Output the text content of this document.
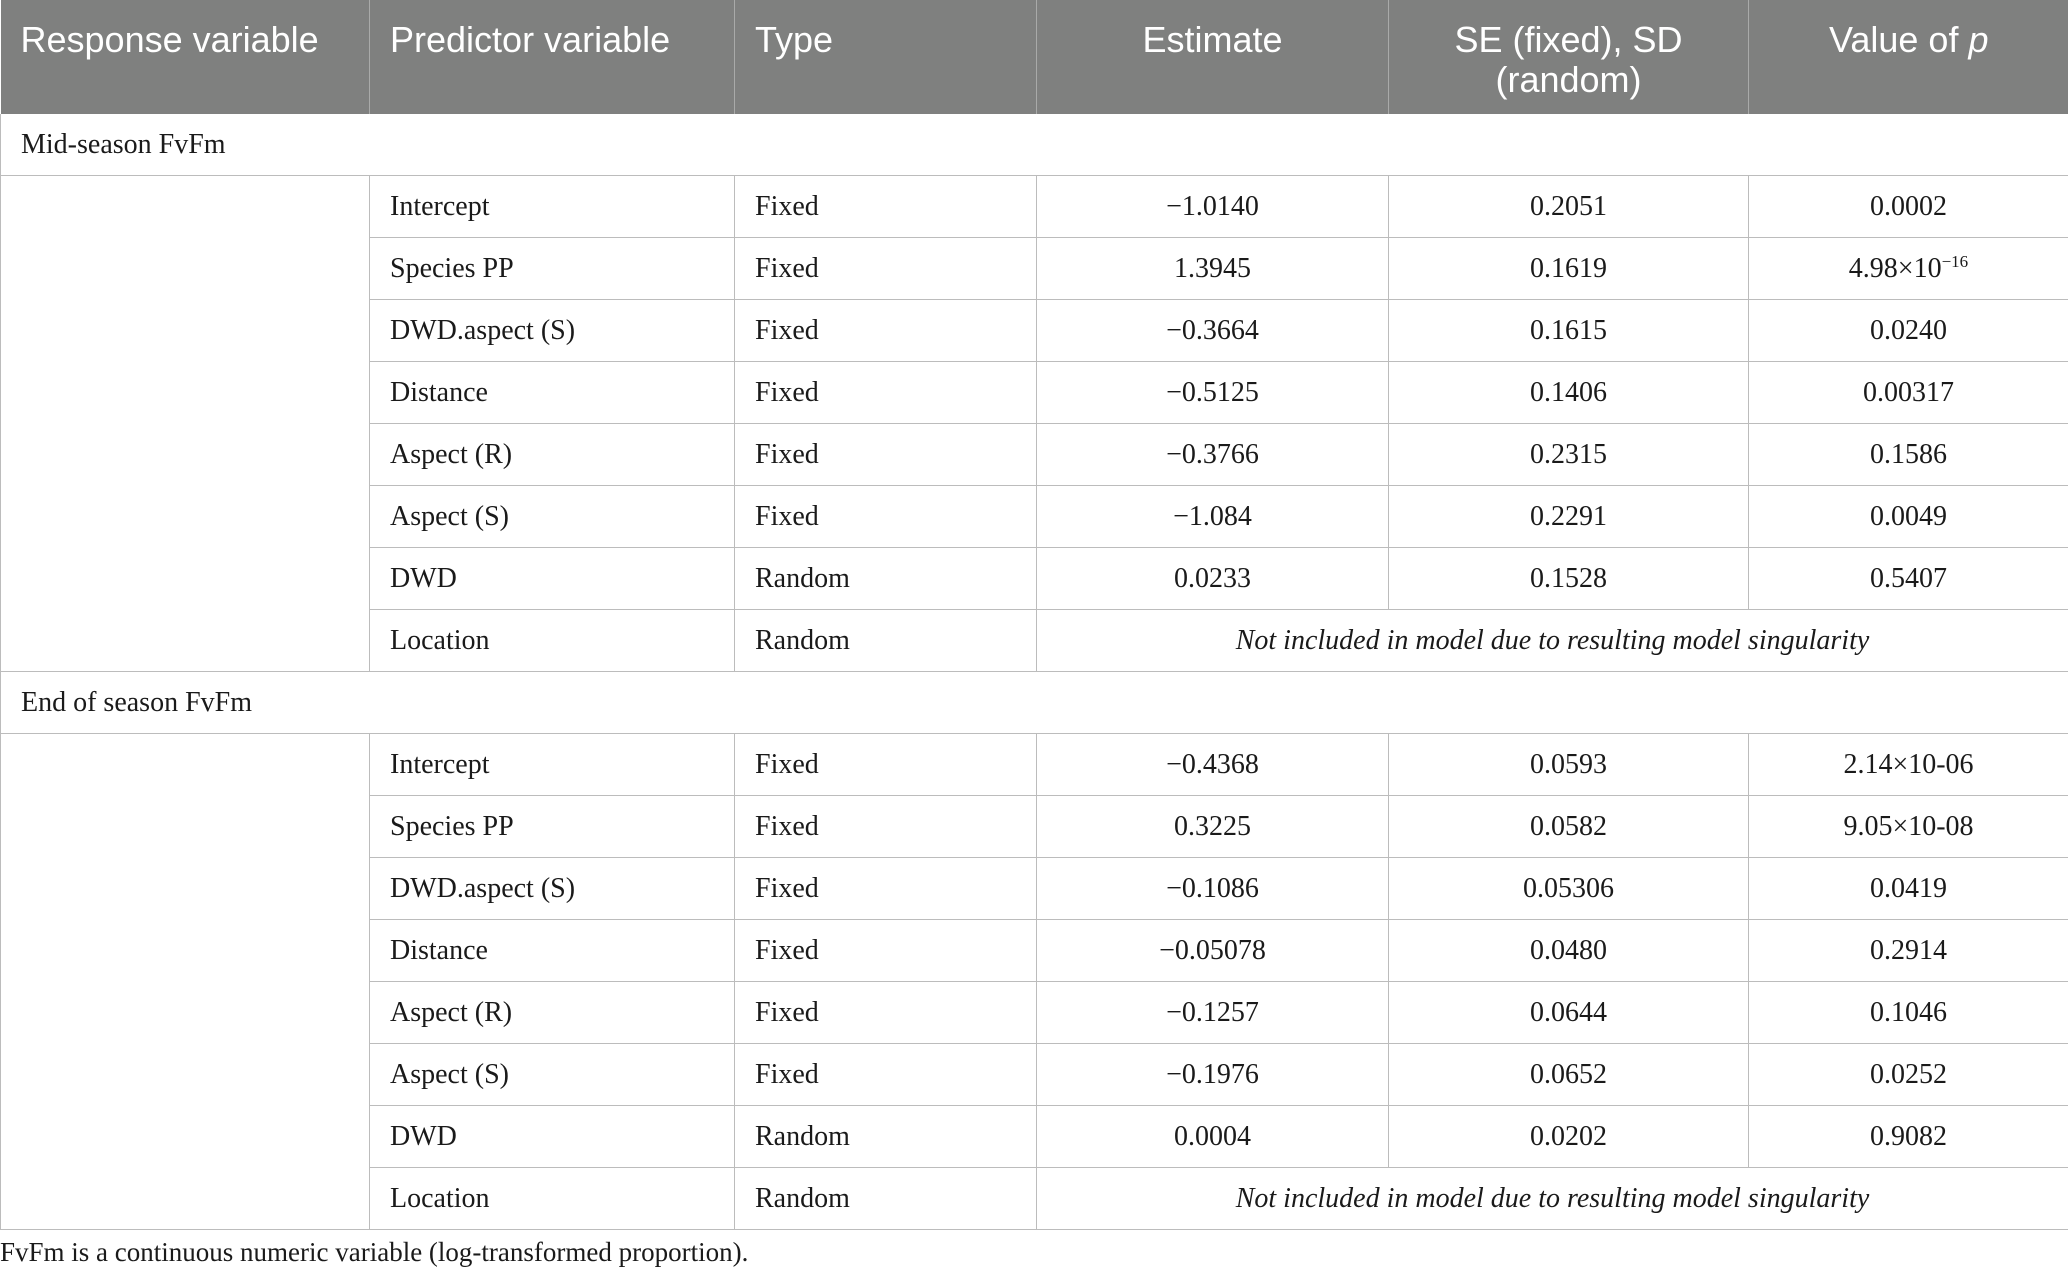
Response variable	Predictor variable	Type	Estimate	SE (fixed), SD (random)	Value of p
Mid-season FvFm					
	Intercept	Fixed	−1.0140	0.2051	0.0002
	Species PP	Fixed	1.3945	0.1619	$4.98\times 10^{-16}$
	DWD.aspect (S)	Fixed	−0.3664	0.1615	0.0240
	Distance	Fixed	−0.5125	0.1406	0.00317
	Aspect (R)	Fixed	−0.3766	0.2315	0.1586
	Aspect (S)	Fixed	−1.084	0.2291	0.0049
	DWD	Random	0.0233	0.1528	0.5407
	Location	Random	Not included in model due to resulting model singularity		
End of season FvFm					
	Intercept	Fixed	−0.4368	0.0593	2.14×10-06
	Species PP	Fixed	0.3225	0.0582	9.05×10-08
	DWD.aspect (S)	Fixed	−0.1086	0.05306	0.0419
	Distance	Fixed	−0.05078	0.0480	0.2914
	Aspect (R)	Fixed	−0.1257	0.0644	0.1046
	Aspect (S)	Fixed	−0.1976	0.0652	0.0252
	DWD	Random	0.0004	0.0202	0.9082
	Location	Random	Not included in model due to resulting model singularity		
FvFm is a continuous numeric variable (log-transformed proportion).
